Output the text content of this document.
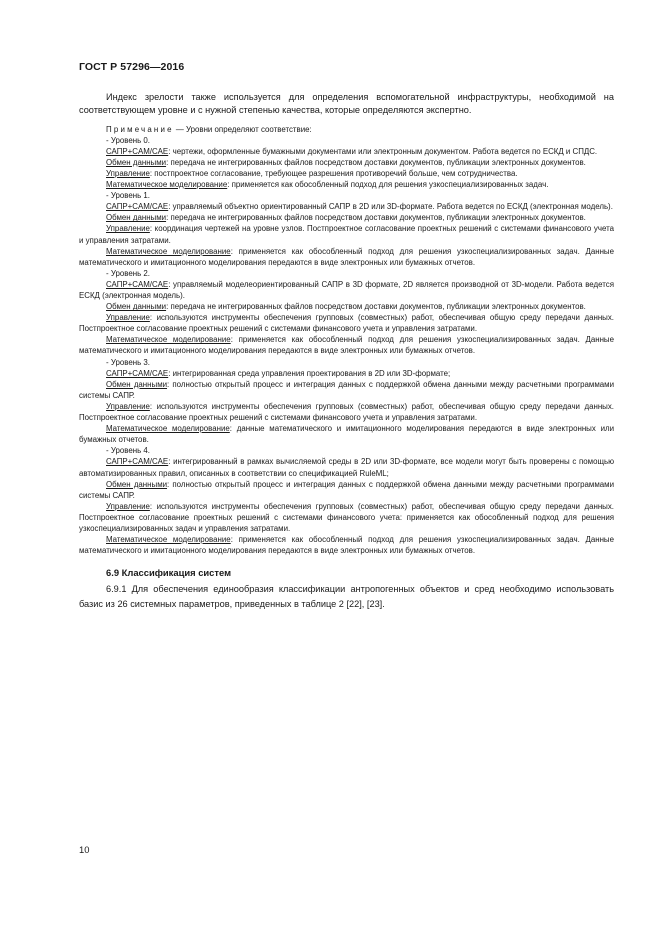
ГОСТ Р 57296—2016

Индекс зрелости также используется для определения вспомогательной инфраструктуры, необходимой на соответствующем уровне и с нужной степенью качества, которые определяются экспертно.

Примечание — Уровни определяют соответствие:

- Уровень 0.

САПР+CAM/CAE: чертежи, оформленные бумажными документами или электронным документом. Работа ведется по ЕСКД и СПДС.

Обмен данными: передача не интегрированных файлов посредством доставки документов, публикации электронных документов.

Управление: постпроектное согласование, требующее разрешения противоречий больше, чем сотрудничества.

Математическое моделирование: применяется как обособленный подход для решения узкоспециализированных задач.

- Уровень 1.

САПР+CAM/CAE: управляемый объектно ориентированный САПР в 2D или 3D-формате. Работа ведется по ЕСКД (электронная модель).

Обмен данными: передача не интегрированных файлов посредством доставки документов, публикации электронных документов.

Управление: координация чертежей на уровне узлов. Постпроектное согласование проектных решений с системами финансового учета и управления затратами.

Математическое моделирование: применяется как обособленный подход для решения узкоспециализированных задач. Данные математического и имитационного моделирования передаются в виде электронных или бумажных отчетов.

- Уровень 2.

САПР+CAM/CAE: управляемый моделеориентированный САПР в 3D формате, 2D является производной от 3D-модели. Работа ведется ЕСКД (электронная модель).

Обмен данными: передача не интегрированных файлов посредством доставки документов, публикации электронных документов.

Управление: используются инструменты обеспечения групповых (совместных) работ, обеспечивая общую среду передачи данных. Постпроектное согласование проектных решений с системами финансового учета и управления затратами.

Математическое моделирование: применяется как обособленный подход для решения узкоспециализированных задач. Данные математического и имитационного моделирования передаются в виде электронных или бумажных отчетов.

- Уровень 3.

САПР+CAM/CAE: интегрированная среда управления проектирования в 2D или 3D-формате;

Обмен данными: полностью открытый процесс и интеграция данных с поддержкой обмена данными между расчетными программами системы САПР.

Управление: используются инструменты обеспечения групповых (совместных) работ, обеспечивая общую среду передачи данных. Постпроектное согласование проектных решений с системами финансового учета и управления затратами.

Математическое моделирование: данные математического и имитационного моделирования передаются в виде электронных или бумажных отчетов.

- Уровень 4.

САПР+CAM/CAE: интегрированный в рамках вычисляемой среды в 2D или 3D-формате, все модели могут быть проверены с помощью автоматизированных правил, описанных в соответствии со спецификацией RuleML;

Обмен данными: полностью открытый процесс и интеграция данных с поддержкой обмена данными между расчетными программами системы САПР.

Управление: используются инструменты обеспечения групповых (совместных) работ, обеспечивая общую среду передачи данных. Постпроектное согласование проектных решений с системами финансового учета: применяется как обособленный подход для решения узкоспециализированных задач и управления затратами.

Математическое моделирование: применяется как обособленный подход для решения узкоспециализированных задач. Данные математического и имитационного моделирования передаются в виде электронных или бумажных отчетов.

6.9 Классификация систем

6.9.1 Для обеспечения единообразия классификации антропогенных объектов и сред необходимо использовать базис из 26 системных параметров, приведенных в таблице 2 [22], [23].

10
